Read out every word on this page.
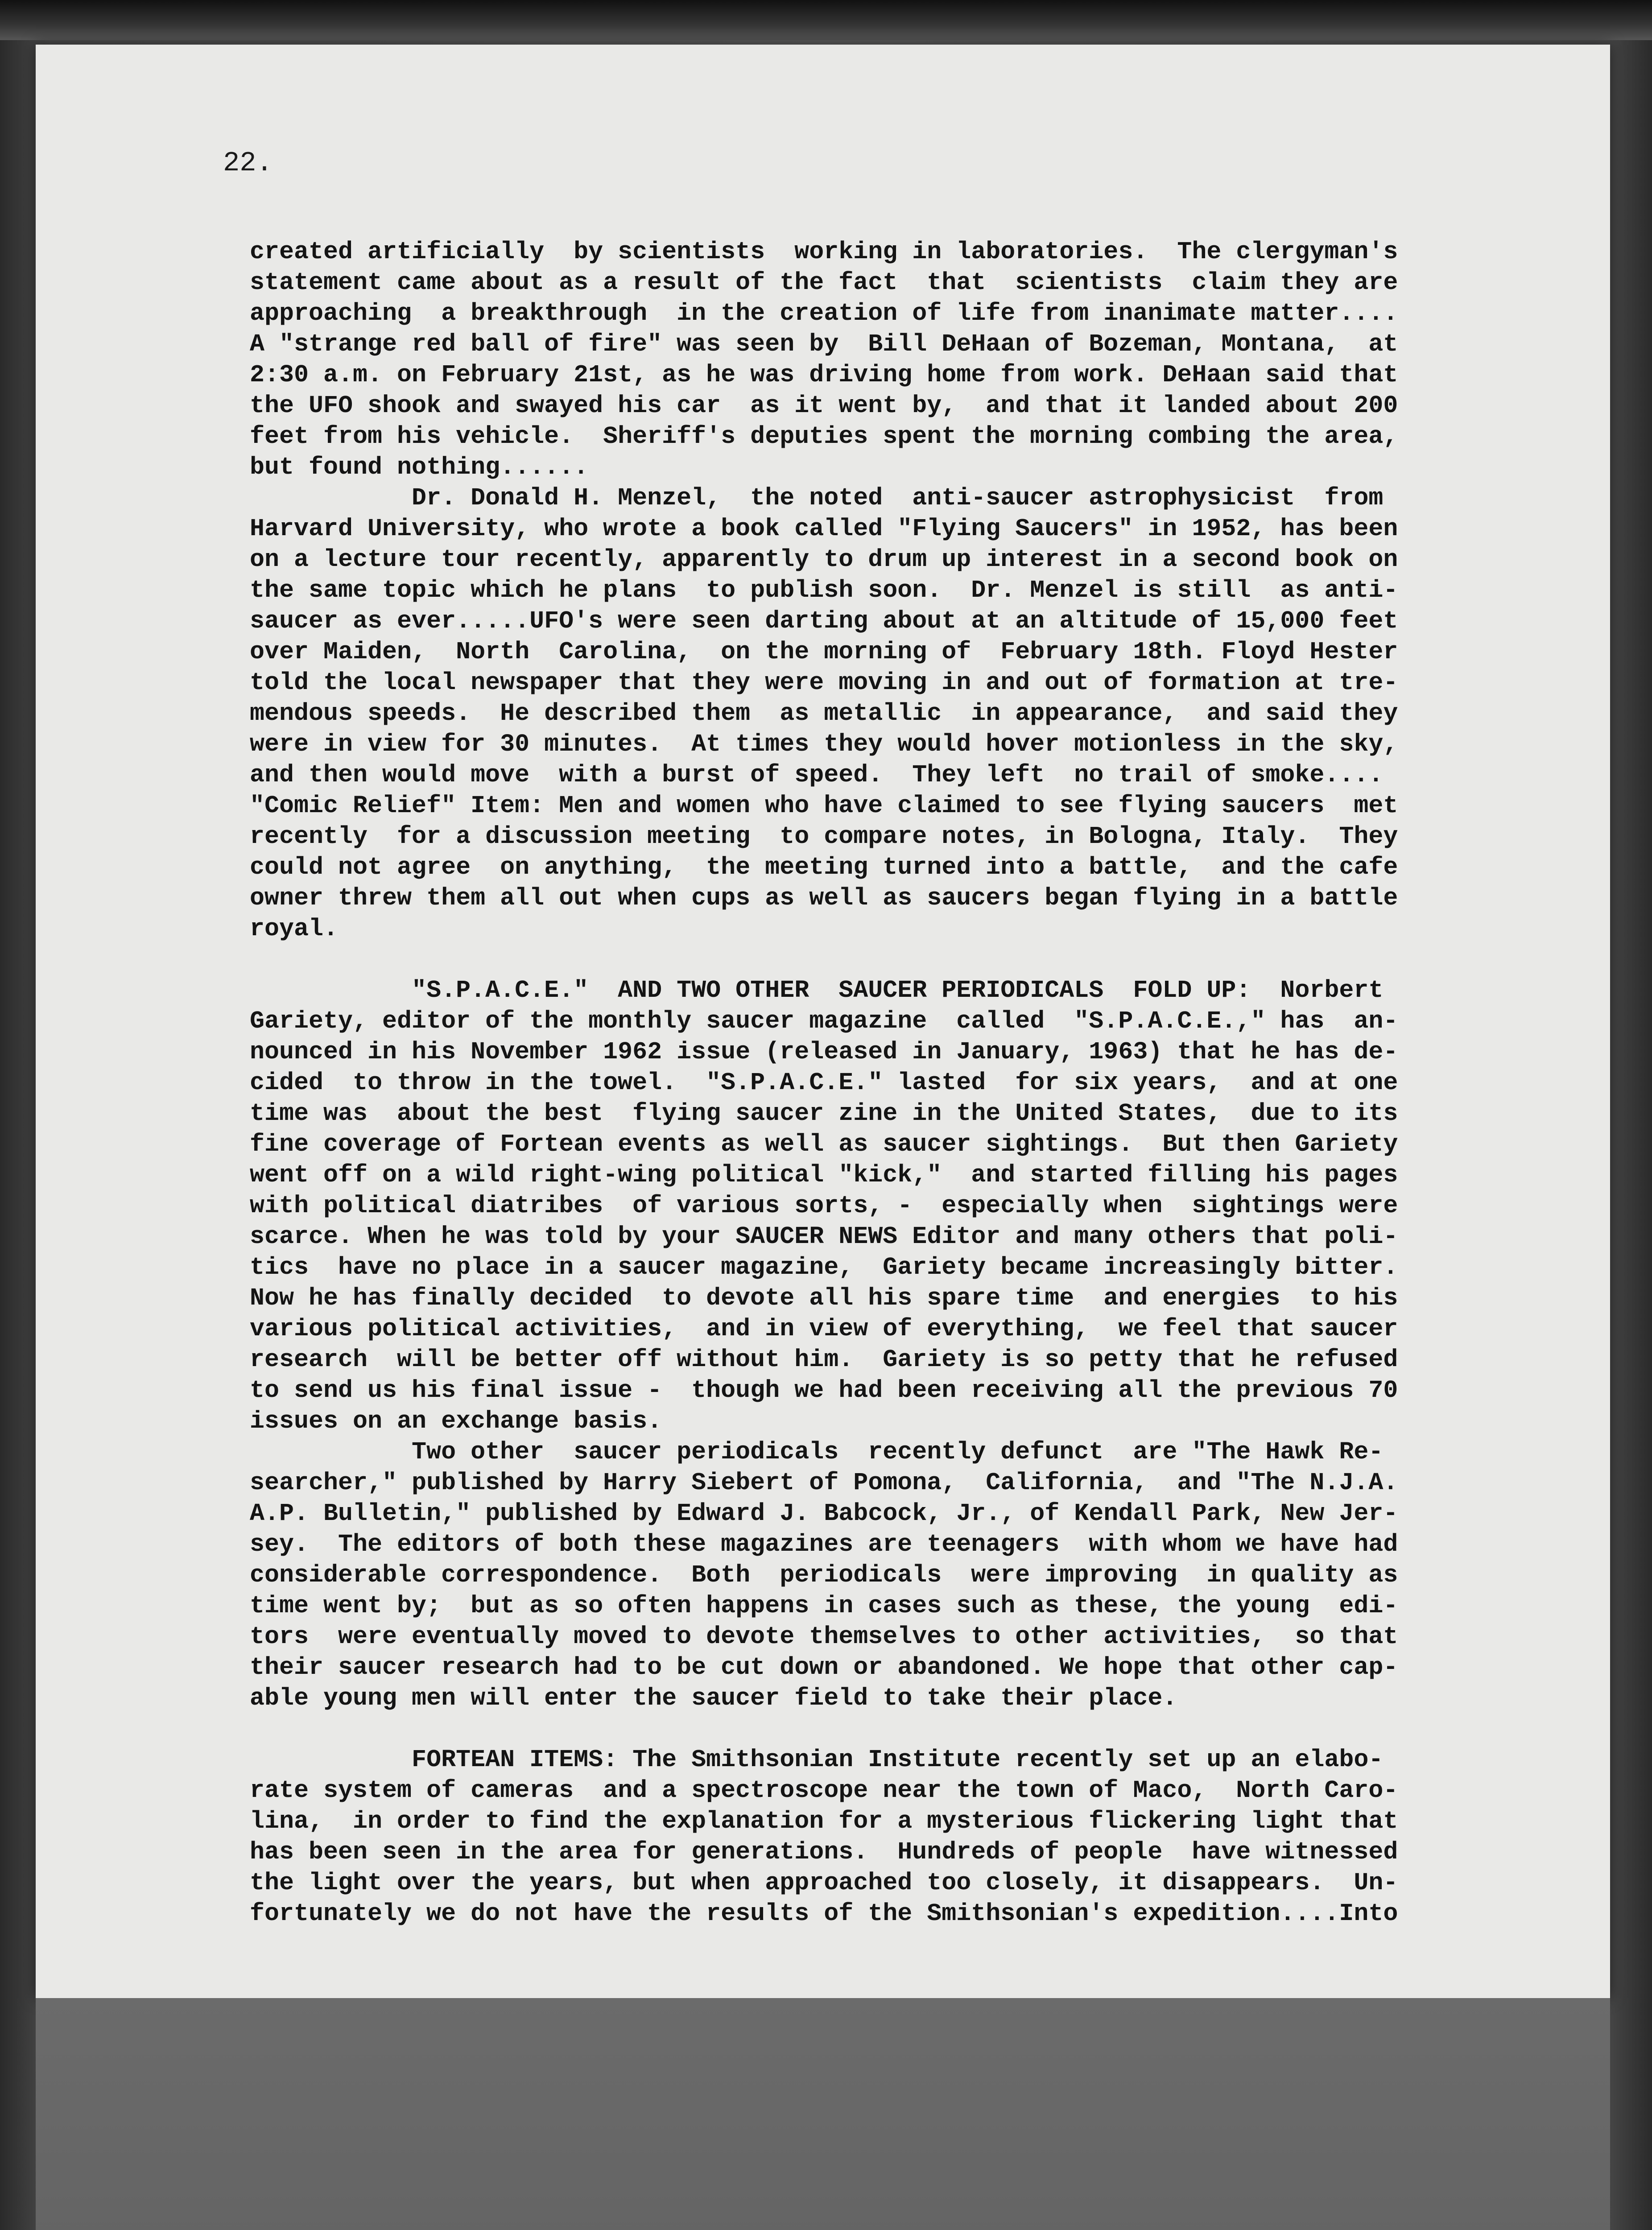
22.

created artificially  by scientists  working in laboratories.  The clergyman's
statement came about as a result of the fact  that  scientists  claim they are
approaching  a breakthrough  in the creation of life from inanimate matter....
A "strange red ball of fire" was seen by  Bill DeHaan of Bozeman, Montana,  at
2:30 a.m. on February 21st, as he was driving home from work. DeHaan said that
the UFO shook and swayed his car  as it went by,  and that it landed about 200
feet from his vehicle.  Sheriff's deputies spent the morning combing the area,
but found nothing......
Dr. Donald H. Menzel,  the noted  anti-saucer astrophysicist  from
Harvard University, who wrote a book called "Flying Saucers" in 1952, has been
on a lecture tour recently, apparently to drum up interest in a second book on
the same topic which he plans  to publish soon.  Dr. Menzel is still  as anti-
saucer as ever.....UFO's were seen darting about at an altitude of 15,000 feet
over Maiden,  North  Carolina,  on the morning of  February 18th. Floyd Hester
told the local newspaper that they were moving in and out of formation at tre-
mendous speeds.  He described them  as metallic  in appearance,  and said they
were in view for 30 minutes.  At times they would hover motionless in the sky,
and then would move  with a burst of speed.  They left  no trail of smoke....
"Comic Relief" Item: Men and women who have claimed to see flying saucers  met
recently  for a discussion meeting  to compare notes, in Bologna, Italy.  They
could not agree  on anything,  the meeting turned into a battle,  and the cafe
owner threw them all out when cups as well as saucers began flying in a battle
royal.
"S.P.A.C.E."  AND TWO OTHER  SAUCER PERIODICALS  FOLD UP:  Norbert
Gariety, editor of the monthly saucer magazine  called  "S.P.A.C.E.," has  an-
nounced in his November 1962 issue (released in January, 1963) that he has de-
cided  to throw in the towel.  "S.P.A.C.E." lasted  for six years,  and at one
time was  about the best  flying saucer zine in the United States,  due to its
fine coverage of Fortean events as well as saucer sightings.  But then Gariety
went off on a wild right-wing political "kick,"  and started filling his pages
with political diatribes  of various sorts, -  especially when  sightings were
scarce. When he was told by your SAUCER NEWS Editor and many others that poli-
tics  have no place in a saucer magazine,  Gariety became increasingly bitter.
Now he has finally decided  to devote all his spare time  and energies  to his
various political activities,  and in view of everything,  we feel that saucer
research  will be better off without him.  Gariety is so petty that he refused
to send us his final issue -  though we had been receiving all the previous 70
issues on an exchange basis.
Two other  saucer periodicals  recently defunct  are "The Hawk Re-
searcher," published by Harry Siebert of Pomona,  California,  and "The N.J.A.
A.P. Bulletin," published by Edward J. Babcock, Jr., of Kendall Park, New Jer-
sey.  The editors of both these magazines are teenagers  with whom we have had
considerable correspondence.  Both  periodicals  were improving  in quality as
time went by;  but as so often happens in cases such as these, the young  edi-
tors  were eventually moved to devote themselves to other activities,  so that
their saucer research had to be cut down or abandoned. We hope that other cap-
able young men will enter the saucer field to take their place.
FORTEAN ITEMS: The Smithsonian Institute recently set up an elabo-
rate system of cameras  and a spectroscope near the town of Maco,  North Caro-
lina,  in order to find the explanation for a mysterious flickering light that
has been seen in the area for generations.  Hundreds of people  have witnessed
the light over the years, but when approached too closely, it disappears.  Un-
fortunately we do not have the results of the Smithsonian's expedition....Into
